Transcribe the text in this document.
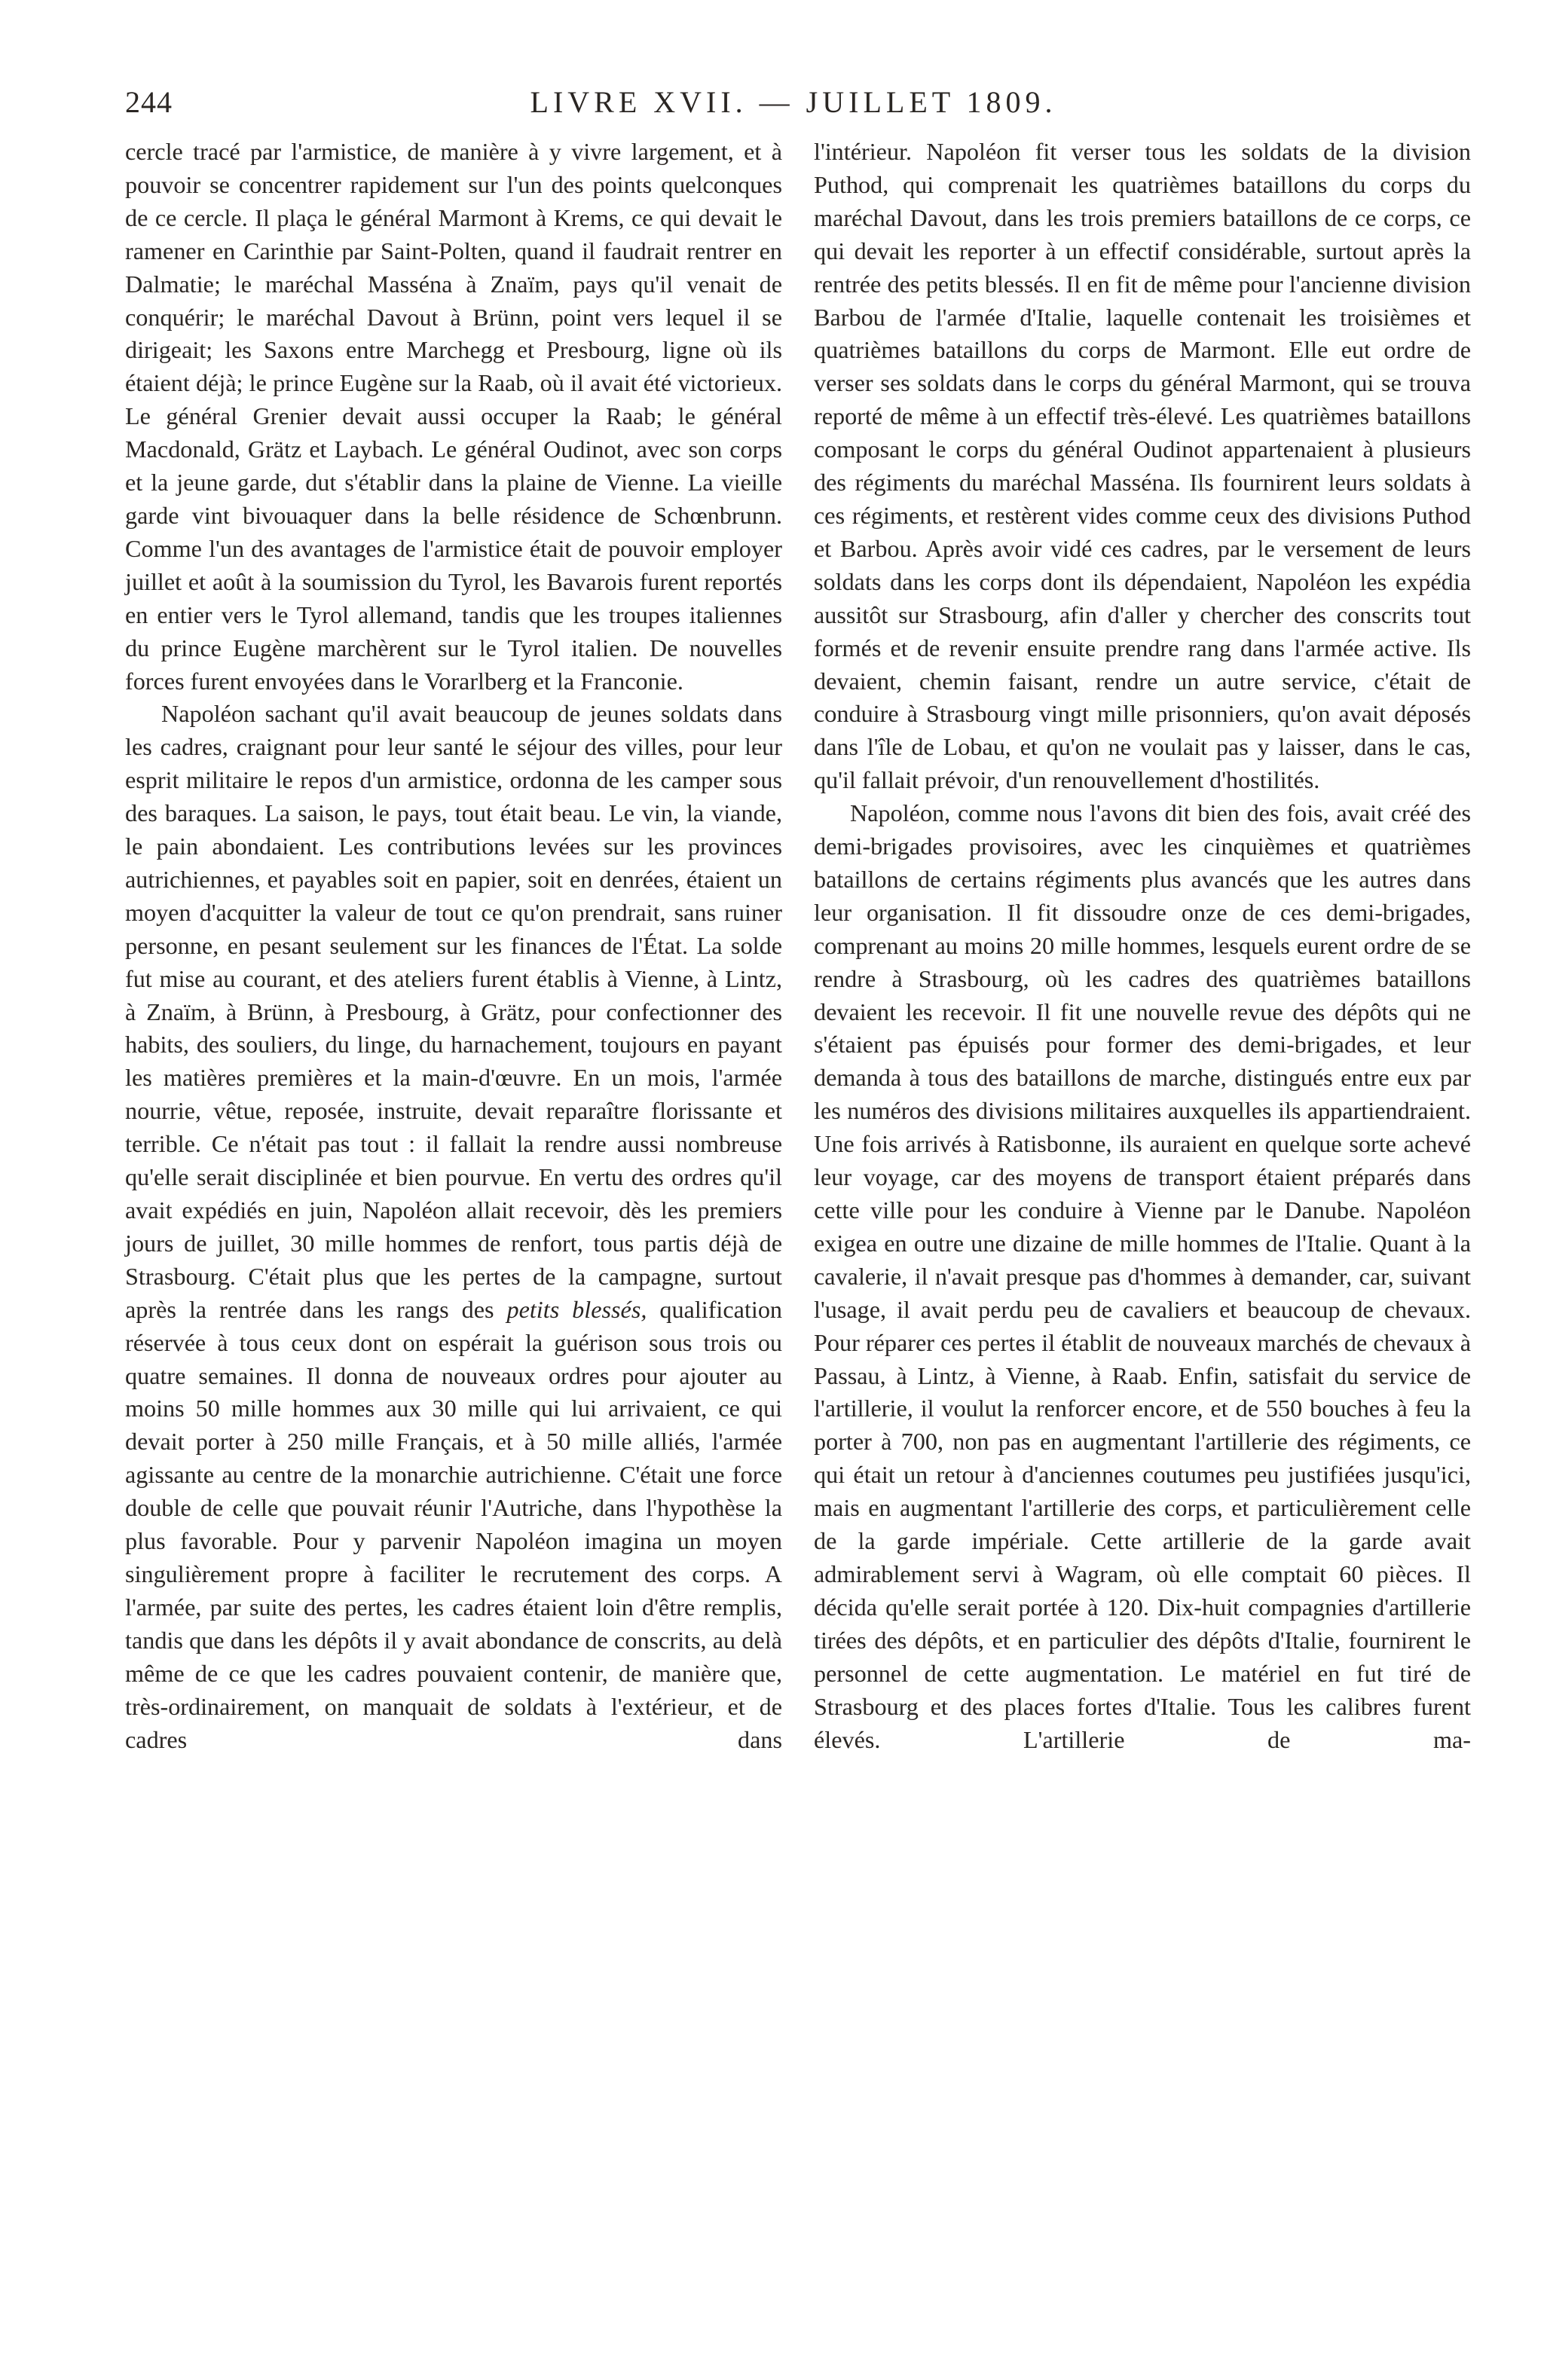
244	LIVRE XVII. — JUILLET 1809.

cercle tracé par l'armistice, de manière à y vivre largement, et à pouvoir se concentrer rapidement sur l'un des points quelconques de ce cercle. Il plaça le général Marmont à Krems, ce qui devait le ramener en Carinthie par Saint-Polten, quand il faudrait rentrer en Dalmatie; le maréchal Masséna à Znaïm, pays qu'il venait de conquérir; le maréchal Davout à Brünn, point vers lequel il se dirigeait; les Saxons entre Marchegg et Presbourg, ligne où ils étaient déjà; le prince Eugène sur la Raab, où il avait été victorieux. Le général Grenier devait aussi occuper la Raab; le général Macdonald, Grätz et Laybach. Le général Oudinot, avec son corps et la jeune garde, dut s'établir dans la plaine de Vienne. La vieille garde vint bivouaquer dans la belle résidence de Schœnbrunn. Comme l'un des avantages de l'armistice était de pouvoir employer juillet et août à la soumission du Tyrol, les Bavarois furent reportés en entier vers le Tyrol allemand, tandis que les troupes italiennes du prince Eugène marchèrent sur le Tyrol italien. De nouvelles forces furent envoyées dans le Vorarlberg et la Franconie.

Napoléon sachant qu'il avait beaucoup de jeunes soldats dans les cadres, craignant pour leur santé le séjour des villes, pour leur esprit militaire le repos d'un armistice, ordonna de les camper sous des baraques. La saison, le pays, tout était beau. Le vin, la viande, le pain abondaient. Les contributions levées sur les provinces autrichiennes, et payables soit en papier, soit en denrées, étaient un moyen d'acquitter la valeur de tout ce qu'on prendrait, sans ruiner personne, en pesant seulement sur les finances de l'État. La solde fut mise au courant, et des ateliers furent établis à Vienne, à Lintz, à Znaïm, à Brünn, à Presbourg, à Grätz, pour confectionner des habits, des souliers, du linge, du harnachement, toujours en payant les matières premières et la main-d'œuvre. En un mois, l'armée nourrie, vêtue, reposée, instruite, devait reparaître florissante et terrible. Ce n'était pas tout : il fallait la rendre aussi nombreuse qu'elle serait disciplinée et bien pourvue. En vertu des ordres qu'il avait expédiés en juin, Napoléon allait recevoir, dès les premiers jours de juillet, 30 mille hommes de renfort, tous partis déjà de Strasbourg. C'était plus que les pertes de la campagne, surtout après la rentrée dans les rangs des petits blessés, qualification réservée à tous ceux dont on espérait la guérison sous trois ou quatre semaines. Il donna de nouveaux ordres pour ajouter au moins 50 mille hommes aux 30 mille qui lui arrivaient, ce qui devait porter à 250 mille Français, et à 50 mille alliés, l'armée agissante au centre de la monarchie autrichienne. C'était une force double de celle que pouvait réunir l'Autriche, dans l'hypothèse la plus favorable. Pour y parvenir Napoléon imagina un moyen singulièrement propre à faciliter le recrutement des corps. A l'armée, par suite des pertes, les cadres étaient loin d'être remplis, tandis que dans les dépôts il y avait abondance de conscrits, au delà même de ce que les cadres pouvaient contenir, de manière que, très-ordinairement, on manquait de soldats à l'extérieur, et de cadres dans

l'intérieur. Napoléon fit verser tous les soldats de la division Puthod, qui comprenait les quatrièmes bataillons du corps du maréchal Davout, dans les trois premiers bataillons de ce corps, ce qui devait les reporter à un effectif considérable, surtout après la rentrée des petits blessés. Il en fit de même pour l'ancienne division Barbou de l'armée d'Italie, laquelle contenait les troisièmes et quatrièmes bataillons du corps de Marmont. Elle eut ordre de verser ses soldats dans le corps du général Marmont, qui se trouva reporté de même à un effectif très-élevé. Les quatrièmes bataillons composant le corps du général Oudinot appartenaient à plusieurs des régiments du maréchal Masséna. Ils fournirent leurs soldats à ces régiments, et restèrent vides comme ceux des divisions Puthod et Barbou. Après avoir vidé ces cadres, par le versement de leurs soldats dans les corps dont ils dépendaient, Napoléon les expédia aussitôt sur Strasbourg, afin d'aller y chercher des conscrits tout formés et de revenir ensuite prendre rang dans l'armée active. Ils devaient, chemin faisant, rendre un autre service, c'était de conduire à Strasbourg vingt mille prisonniers, qu'on avait déposés dans l'île de Lobau, et qu'on ne voulait pas y laisser, dans le cas, qu'il fallait prévoir, d'un renouvellement d'hostilités.

Napoléon, comme nous l'avons dit bien des fois, avait créé des demi-brigades provisoires, avec les cinquièmes et quatrièmes bataillons de certains régiments plus avancés que les autres dans leur organisation. Il fit dissoudre onze de ces demi-brigades, comprenant au moins 20 mille hommes, lesquels eurent ordre de se rendre à Strasbourg, où les cadres des quatrièmes bataillons devaient les recevoir. Il fit une nouvelle revue des dépôts qui ne s'étaient pas épuisés pour former des demi-brigades, et leur demanda à tous des bataillons de marche, distingués entre eux par les numéros des divisions militaires auxquelles ils appartiendraient. Une fois arrivés à Ratisbonne, ils auraient en quelque sorte achevé leur voyage, car des moyens de transport étaient préparés dans cette ville pour les conduire à Vienne par le Danube. Napoléon exigea en outre une dizaine de mille hommes de l'Italie. Quant à la cavalerie, il n'avait presque pas d'hommes à demander, car, suivant l'usage, il avait perdu peu de cavaliers et beaucoup de chevaux. Pour réparer ces pertes il établit de nouveaux marchés de chevaux à Passau, à Lintz, à Vienne, à Raab. Enfin, satisfait du service de l'artillerie, il voulut la renforcer encore, et de 550 bouches à feu la porter à 700, non pas en augmentant l'artillerie des régiments, ce qui était un retour à d'anciennes coutumes peu justifiées jusqu'ici, mais en augmentant l'artillerie des corps, et particulièrement celle de la garde impériale. Cette artillerie de la garde avait admirablement servi à Wagram, où elle comptait 60 pièces. Il décida qu'elle serait portée à 120. Dix-huit compagnies d'artillerie tirées des dépôts, et en particulier des dépôts d'Italie, fournirent le personnel de cette augmentation. Le matériel en fut tiré de Strasbourg et des places fortes d'Italie. Tous les calibres furent élevés. L'artillerie de ma-
